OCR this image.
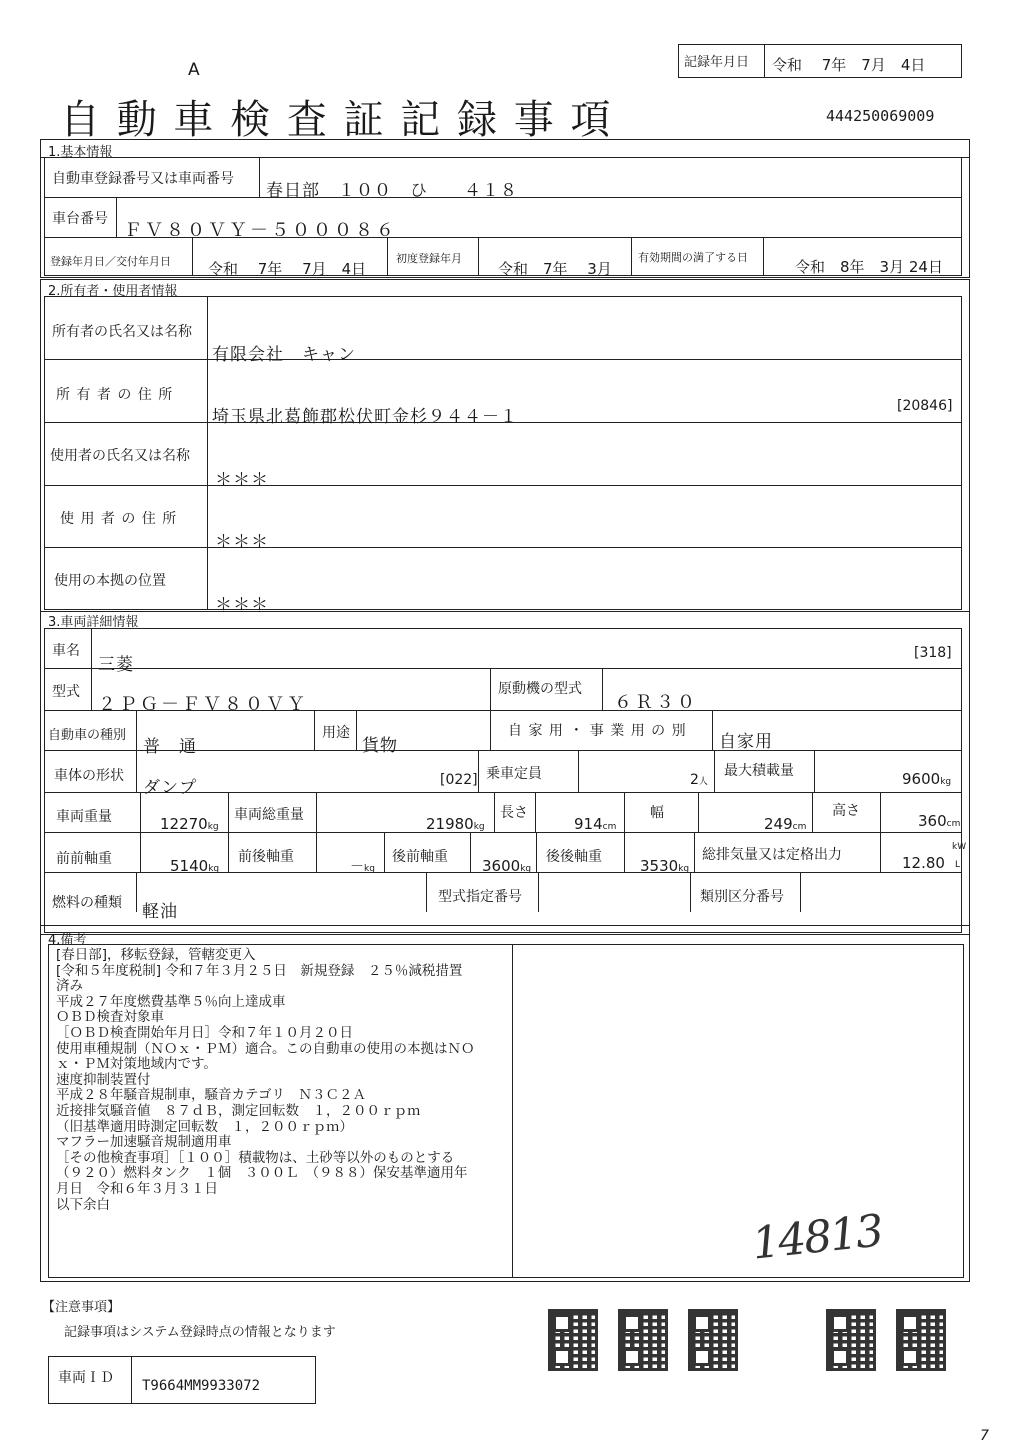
A
自 動 車 検 査 証 記 録 事 項	444250069009
記録年月日 令和　 7年　7月　4日
1.基本情報
自動車登録番号又は車両番号
春日部　１００　ひ　　４１８
車台番号
ＦＶ８０ＶＹ－５０００８６
登録年月日／交付年月日 令和　 7年　 7月　4日
初度登録年月
令和　7年　 3月
有効期間の満了する日
令和　8年　3月 24日
2.所有者・使用者情報
所有者の氏名又は名称
有限会社　キャン
所 有 者 の 住 所
埼玉県北葛飾郡松伏町金杉９４４－１
[20846]
使用者の氏名又は名称
＊＊＊
使 用 者 の 住 所
＊＊＊
使用の本拠の位置
＊＊＊
3.車両詳細情報
車名
三菱
[318]
型式
２ＰＧ－ＦＶ８０ＶＹ
原動機の型式
６Ｒ３０
自動車の種別
普　通
用途
貨物
自 家 用 ・ 事 業 用 の 別
自家用
車体の形状
ダンプ	[022] 乗車定員	2人
最大積載量	9600kg
車両重量	12270kg
車両総重量	21980kg
長さ
914cm
幅
249cm
高さ
360cm
前前軸重	5140kg
前後軸重
－kg
後前軸重 3600kg
後後軸重	3530kg
総排気量又は定格出力	12.80
kW
L
燃料の種類 軽油
型式指定番号	類別区分番号
4.備考
[春日部]，移転登録，管轄変更入
[令和５年度税制] 令和７年３月２５日　新規登録　２５％減税措置
済み
平成２７年度燃費基準５％向上達成車
ＯＢＤ検査対象車
［ＯＢＤ検査開始年月日］令和７年１０月２０日
使用車種規制（ＮＯｘ・ＰＭ）適合。この自動車の使用の本拠はＮＯ
ｘ・ＰＭ対策地域内です。
速度抑制装置付
平成２８年騒音規制車，騒音カテゴリ　Ｎ３Ｃ２Ａ
近接排気騒音値　８７ｄＢ，測定回転数　１，２００ｒｐｍ
（旧基準適用時測定回転数　１，２００ｒｐｍ）
マフラー加速騒音規制適用車
［その他検査事項］［１００］積載物は、土砂等以外のものとする
（９２０）燃料タンク　１個　３００Ｌ　（９８８）保安基準適用年
月日　令和６年３月３１日
以下余白
14813
【注意事項】
記録事項はシステム登録時点の情報となります
車両ＩＤ T9664MM9933072
7
